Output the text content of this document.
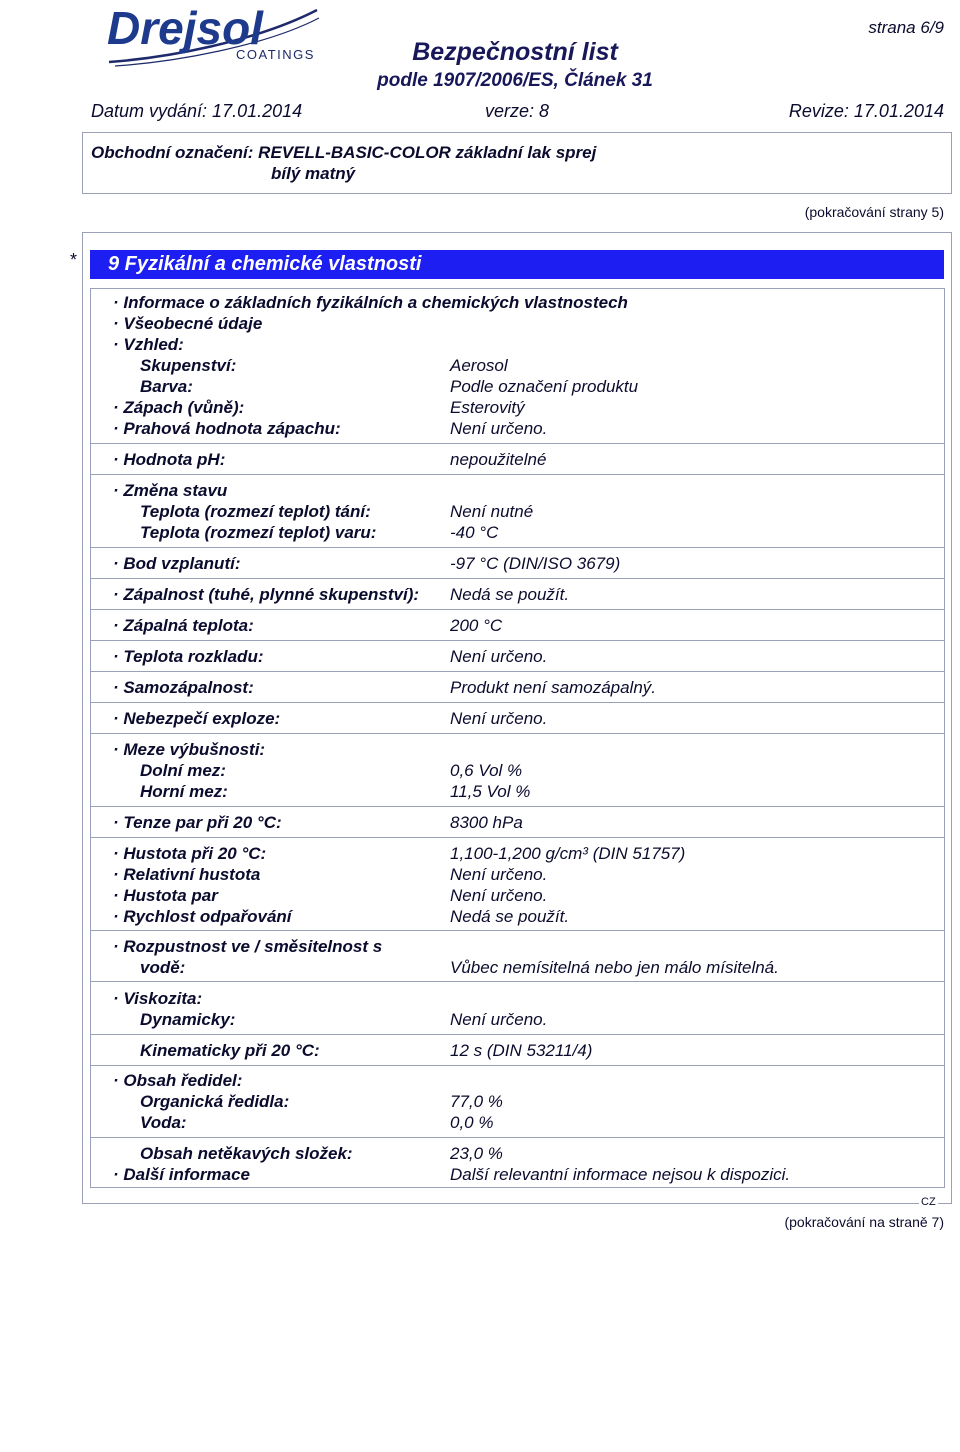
Drejsol
COATINGS
strana 6/9
Bezpečnostní list
podle 1907/2006/ES, Článek 31
Datum vydání: 17.01.2014	verze: 8	Revize: 17.01.2014
Obchodní označení: REVELL-BASIC-COLOR základní lak sprej
bílý matný
(pokračování strany 5)
* 9 Fyzikální a chemické vlastnosti
· Informace o základních fyzikálních a chemických vlastnostech
· Všeobecné údaje
· Vzhled:
Skupenství:	Aerosol
Barva:	Podle označení produktu
· Zápach (vůně):	Esterovitý
· Prahová hodnota zápachu:	Není určeno.
· Hodnota pH:	nepoužitelné
· Změna stavu
Teplota (rozmezí teplot) tání:	Není nutné
Teplota (rozmezí teplot) varu:	-40 °C
· Bod vzplanutí:	-97 °C (DIN/ISO 3679)
· Zápalnost (tuhé, plynné skupenství): Nedá se použít.
· Zápalná teplota:	200 °C
· Teplota rozkladu:	Není určeno.
· Samozápalnost:	Produkt není samozápalný.
· Nebezpečí exploze:	Není určeno.
· Meze výbušnosti:
Dolní mez:	0,6 Vol %
Horní mez:	11,5 Vol %
· Tenze par při 20 °C:	8300 hPa
· Hustota při 20 °C:	1,100-1,200 g/cm³ (DIN 51757)
· Relativní hustota	Není určeno.
· Hustota par	Není určeno.
· Rychlost odpařování	Nedá se použít.
· Rozpustnost ve / směsitelnost s
vodě:	Vůbec nemísitelná nebo jen málo mísitelná.
· Viskozita:
Dynamicky:	Není určeno.
Kinematicky při 20 °C:	12 s (DIN 53211/4)
· Obsah ředidel:
Organická ředidla:	77,0 %
Voda:	0,0 %
Obsah netěkavých složek:	23,0 %
· Další informace	Další relevantní informace nejsou k dispozici.
CZ
(pokračování na straně 7)
